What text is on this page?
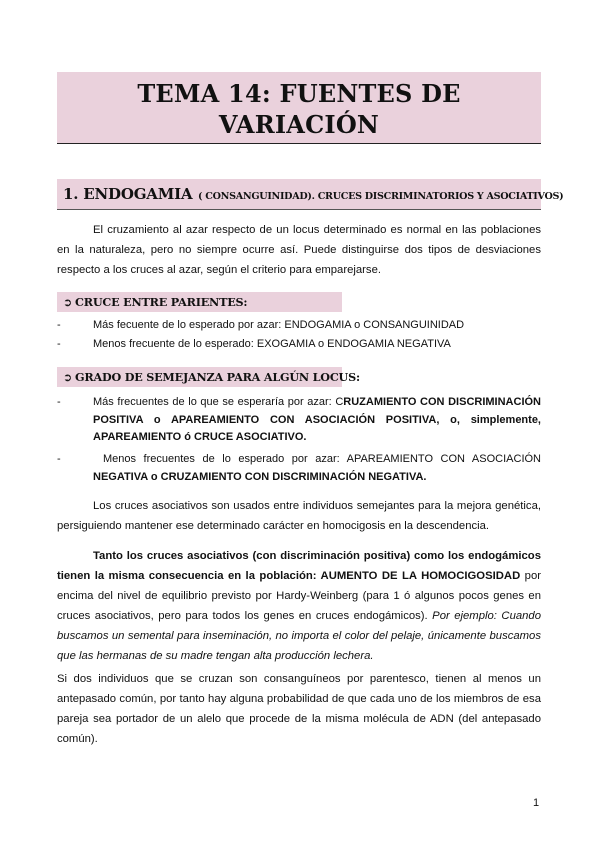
TEMA 14: FUENTES DE
VARIACIÓN
1. ENDOGAMIA ( CONSANGUINIDAD). CRUCES DISCRIMINATORIOS Y ASOCIATIVOS)

El cruzamiento al azar respecto de un locus determinado es normal en las poblaciones en la naturaleza, pero no siempre ocurre así. Puede distinguirse dos tipos de desviaciones respecto a los cruces al azar, según el criterio para emparejarse.

➲ CRUCE ENTRE PARIENTES:
-	Más fecuente de lo esperado por azar: ENDOGAMIA o CONSANGUINIDAD
-	Menos frecuente de lo esperado: EXOGAMIA o ENDOGAMIA NEGATIVA
➲ GRADO DE SEMEJANZA PARA ALGÚN LOCUS:
-	Más frecuentes de lo que se esperaría por azar: CRUZAMIENTO CON DISCRIMINACIÓN POSITIVA o APAREAMIENTO CON ASOCIACIÓN POSITIVA, o, simplemente, APAREAMIENTO ó CRUCE ASOCIATIVO.
-	Menos frecuentes de lo esperado por azar: APAREAMIENTO CON ASOCIACIÓN NEGATIVA o CRUZAMIENTO CON DISCRIMINACIÓN NEGATIVA.

Los cruces asociativos son usados entre individuos semejantes para la mejora genética, persiguiendo mantener ese determinado carácter en homocigosis en la descendencia.

Tanto los cruces asociativos (con discriminación positiva) como los endogámicos tienen la misma consecuencia en la población: AUMENTO DE LA HOMOCIGOSIDAD por encima del nivel de equilibrio previsto por Hardy-Weinberg (para 1 ó algunos pocos genes en cruces asociativos, pero para todos los genes en cruces endogámicos). Por ejemplo: Cuando buscamos un semental para inseminación, no importa el color del pelaje, únicamente buscamos que las hermanas de su madre tengan alta producción lechera.

Si dos individuos que se cruzan son consanguíneos por parentesco, tienen al menos un antepasado común, por tanto hay alguna probabilidad de que cada uno de los miembros de esa pareja sea portador de un alelo que procede de la misma molécula de ADN (del antepasado común).

1
